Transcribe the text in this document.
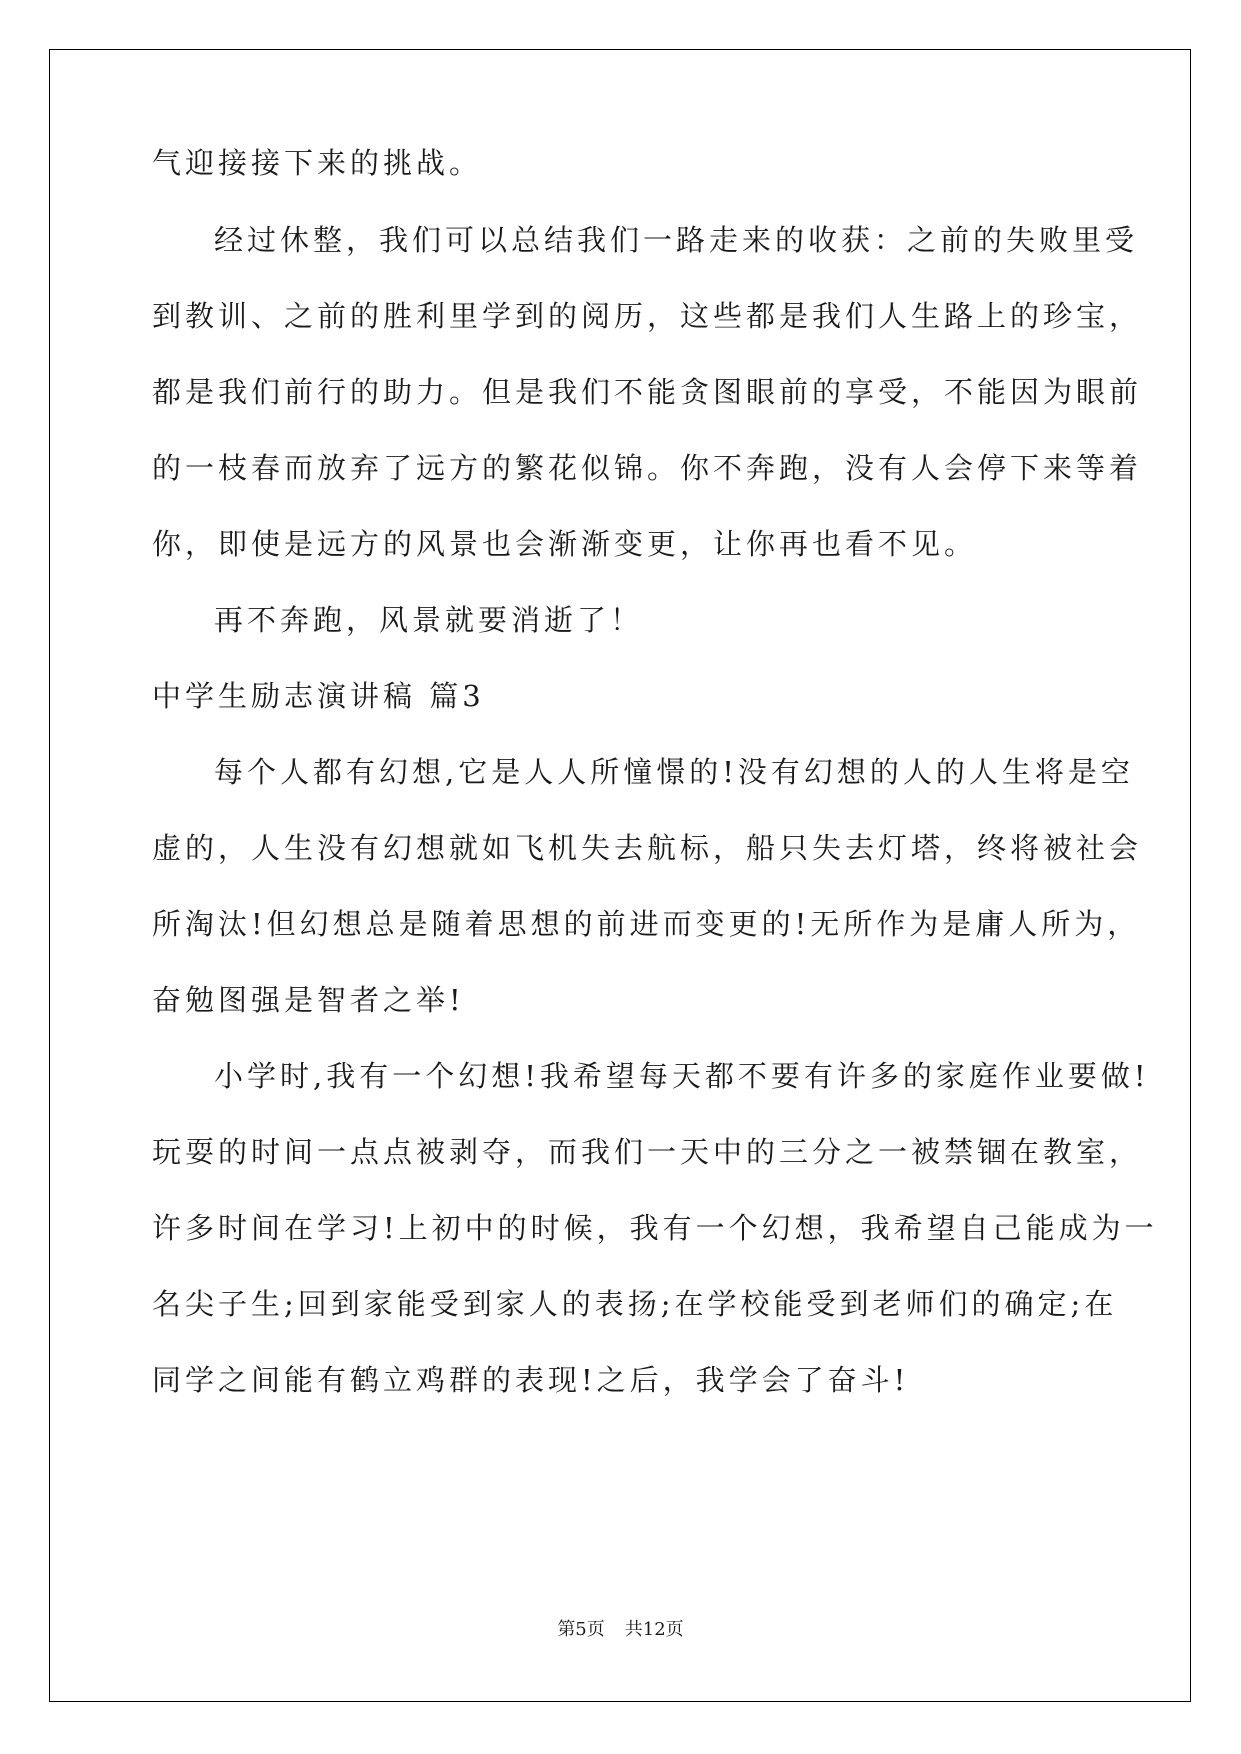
气迎接接下来的挑战。
经过休整，我们可以总结我们一路走来的收获：之前的失败里受
到教训、之前的胜利里学到的阅历，这些都是我们人生路上的珍宝，
都是我们前行的助力。但是我们不能贪图眼前的享受，不能因为眼前
的一枝春而放弃了远方的繁花似锦。你不奔跑，没有人会停下来等着
你，即使是远方的风景也会渐渐变更，让你再也看不见。
再不奔跑，风景就要消逝了！
中学生励志演讲稿 篇3
每个人都有幻想,它是人人所憧憬的!没有幻想的人的人生将是空
虚的，人生没有幻想就如飞机失去航标，船只失去灯塔，终将被社会
所淘汰!但幻想总是随着思想的前进而变更的!无所作为是庸人所为，
奋勉图强是智者之举!
小学时,我有一个幻想!我希望每天都不要有许多的家庭作业要做!
玩耍的时间一点点被剥夺，而我们一天中的三分之一被禁锢在教室，
许多时间在学习!上初中的时候，我有一个幻想，我希望自己能成为一
名尖子生;回到家能受到家人的表扬;在学校能受到老师们的确定;在
同学之间能有鹤立鸡群的表现!之后，我学会了奋斗!
第5页 共12页
